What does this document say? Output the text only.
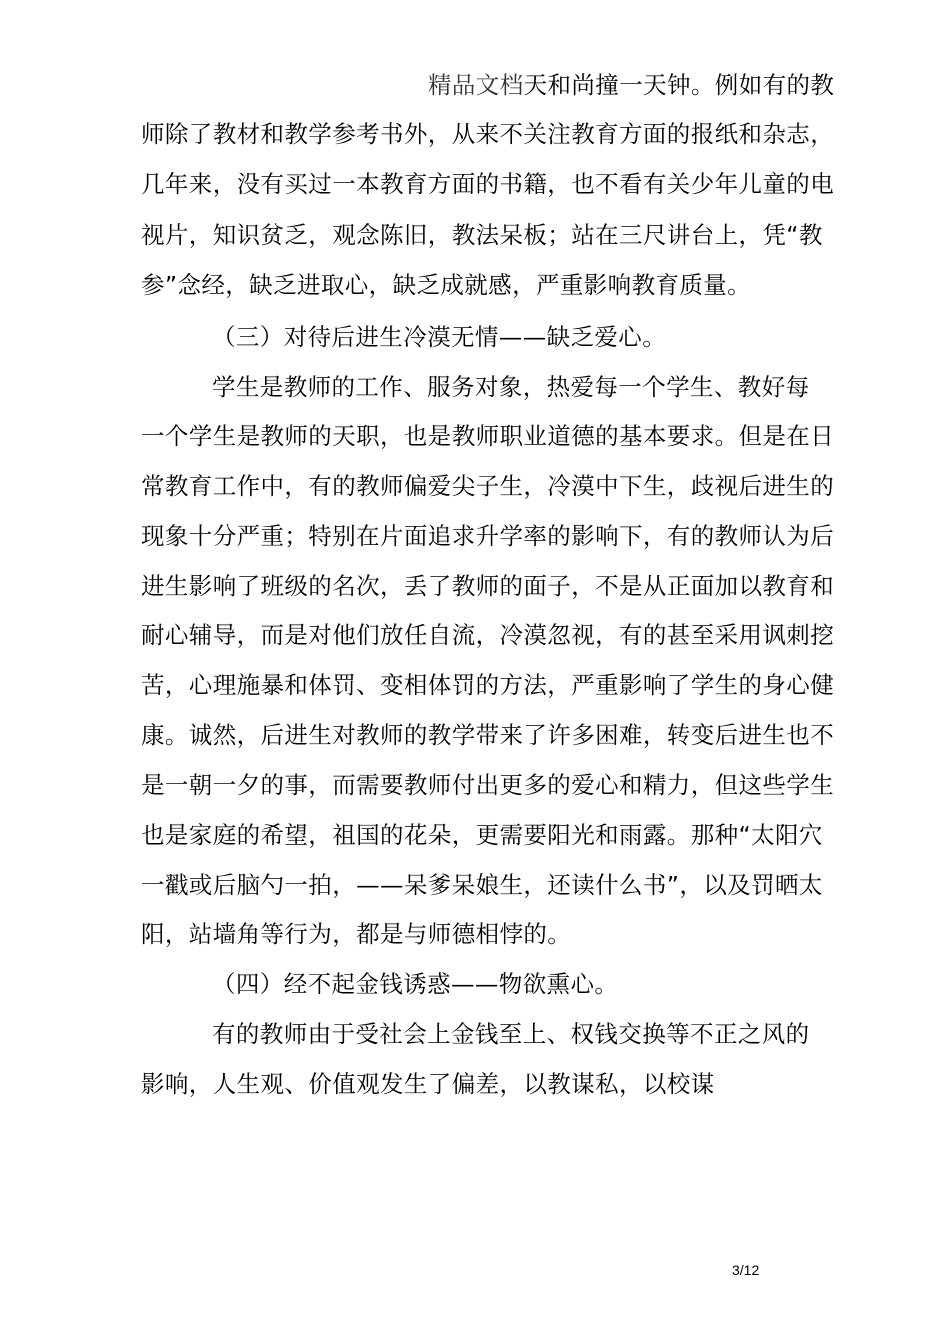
精品文档天和尚撞一天钟。例如有的教
师除了教材和教学参考书外，从来不关注教育方面的报纸和杂志，
几年来，没有买过一本教育方面的书籍，也不看有关少年儿童的电
视片，知识贫乏，观念陈旧，教法呆板；站在三尺讲台上，凭“教
参”念经，缺乏进取心，缺乏成就感，严重影响教育质量。
（三）对待后进生冷漠无情——缺乏爱心。
学生是教师的工作、服务对象，热爱每一个学生、教好每
一个学生是教师的天职，也是教师职业道德的基本要求。但是在日
常教育工作中，有的教师偏爱尖子生，冷漠中下生，歧视后进生的
现象十分严重；特别在片面追求升学率的影响下，有的教师认为后
进生影响了班级的名次，丢了教师的面子，不是从正面加以教育和
耐心辅导，而是对他们放任自流，冷漠忽视，有的甚至采用讽刺挖
苦，心理施暴和体罚、变相体罚的方法，严重影响了学生的身心健
康。诚然，后进生对教师的教学带来了许多困难，转变后进生也不
是一朝一夕的事，而需要教师付出更多的爱心和精力，但这些学生
也是家庭的希望，祖国的花朵，更需要阳光和雨露。那种“太阳穴
一戳或后脑勺一拍，——呆爹呆娘生，还读什么书”，以及罚晒太
阳，站墙角等行为，都是与师德相悖的。
（四）经不起金钱诱惑——物欲熏心。
有的教师由于受社会上金钱至上、权钱交换等不正之风的
影响，人生观、价值观发生了偏差，以教谋私，以校谋
3/12
